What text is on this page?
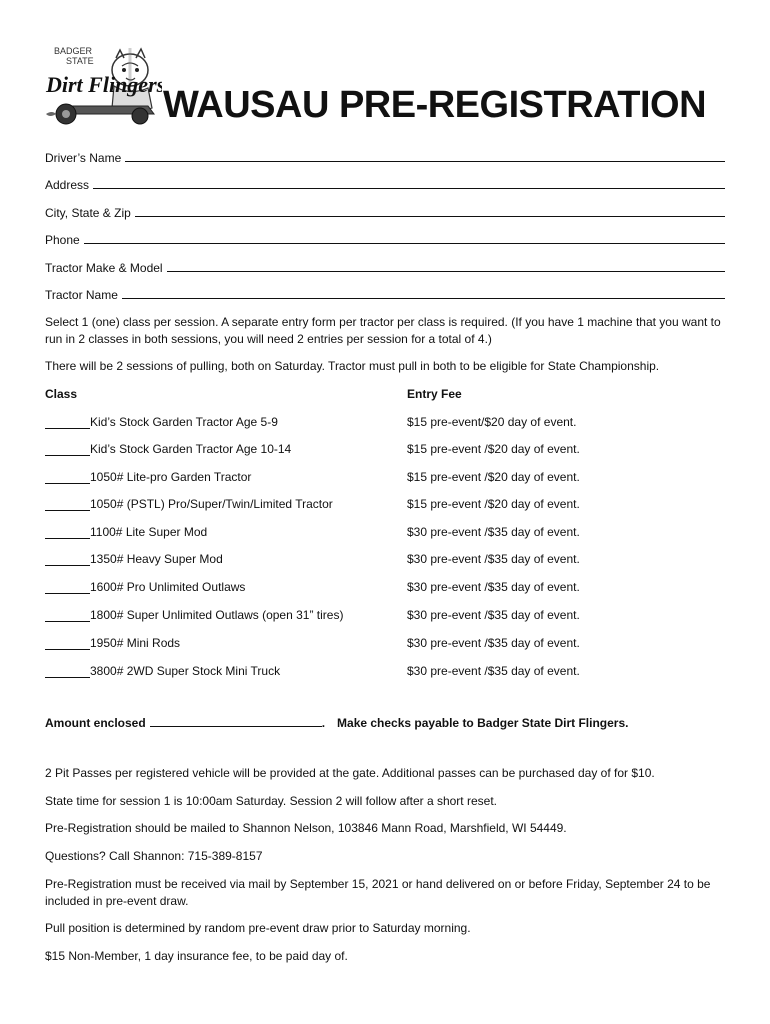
BADGER
STATE
Dirt Flingers
WAUSAU PRE-REGISTRATION
Driver’s Name
Address
City, State & Zip
Phone
Tractor Make & Model
Tractor Name
Select 1 (one) class per session. A separate entry form per tractor per class is required. (If you have 1 machine that you want to run in 2 classes in both sessions, you will need 2 entries per session for a total of 4.)
There will be 2 sessions of pulling, both on Saturday. Tractor must pull in both to be eligible for State Championship.
Class	Entry Fee
Kid’s Stock Garden Tractor Age 5-9	$15 pre-event/$20 day of event.
Kid’s Stock Garden Tractor Age 10-14	$15 pre-event /$20 day of event.
1050# Lite-pro Garden Tractor	$15 pre-event /$20 day of event.
1050# (PSTL) Pro/Super/Twin/Limited Tractor	$15 pre-event /$20 day of event.
1100# Lite Super Mod	$30 pre-event /$35 day of event.
1350# Heavy Super Mod	$30 pre-event /$35 day of event.
1600# Pro Unlimited Outlaws	$30 pre-event /$35 day of event.
1800# Super Unlimited Outlaws (open 31” tires)	$30 pre-event /$35 day of event.
1950# Mini Rods	$30 pre-event /$35 day of event.
3800# 2WD Super Stock Mini Truck	$30 pre-event /$35 day of event.
Amount enclosed	. Make checks payable to Badger State Dirt Flingers.
2 Pit Passes per registered vehicle will be provided at the gate. Additional passes can be purchased day of for $10.
State time for session 1 is 10:00am Saturday. Session 2 will follow after a short reset.
Pre-Registration should be mailed to Shannon Nelson, 103846 Mann Road, Marshfield, WI 54449.
Questions? Call Shannon: 715-389-8157
Pre-Registration must be received via mail by September 15, 2021 or hand delivered on or before Friday, September 24 to be included in pre-event draw.
Pull position is determined by random pre-event draw prior to Saturday morning.
$15 Non-Member, 1 day insurance fee, to be paid day of.
